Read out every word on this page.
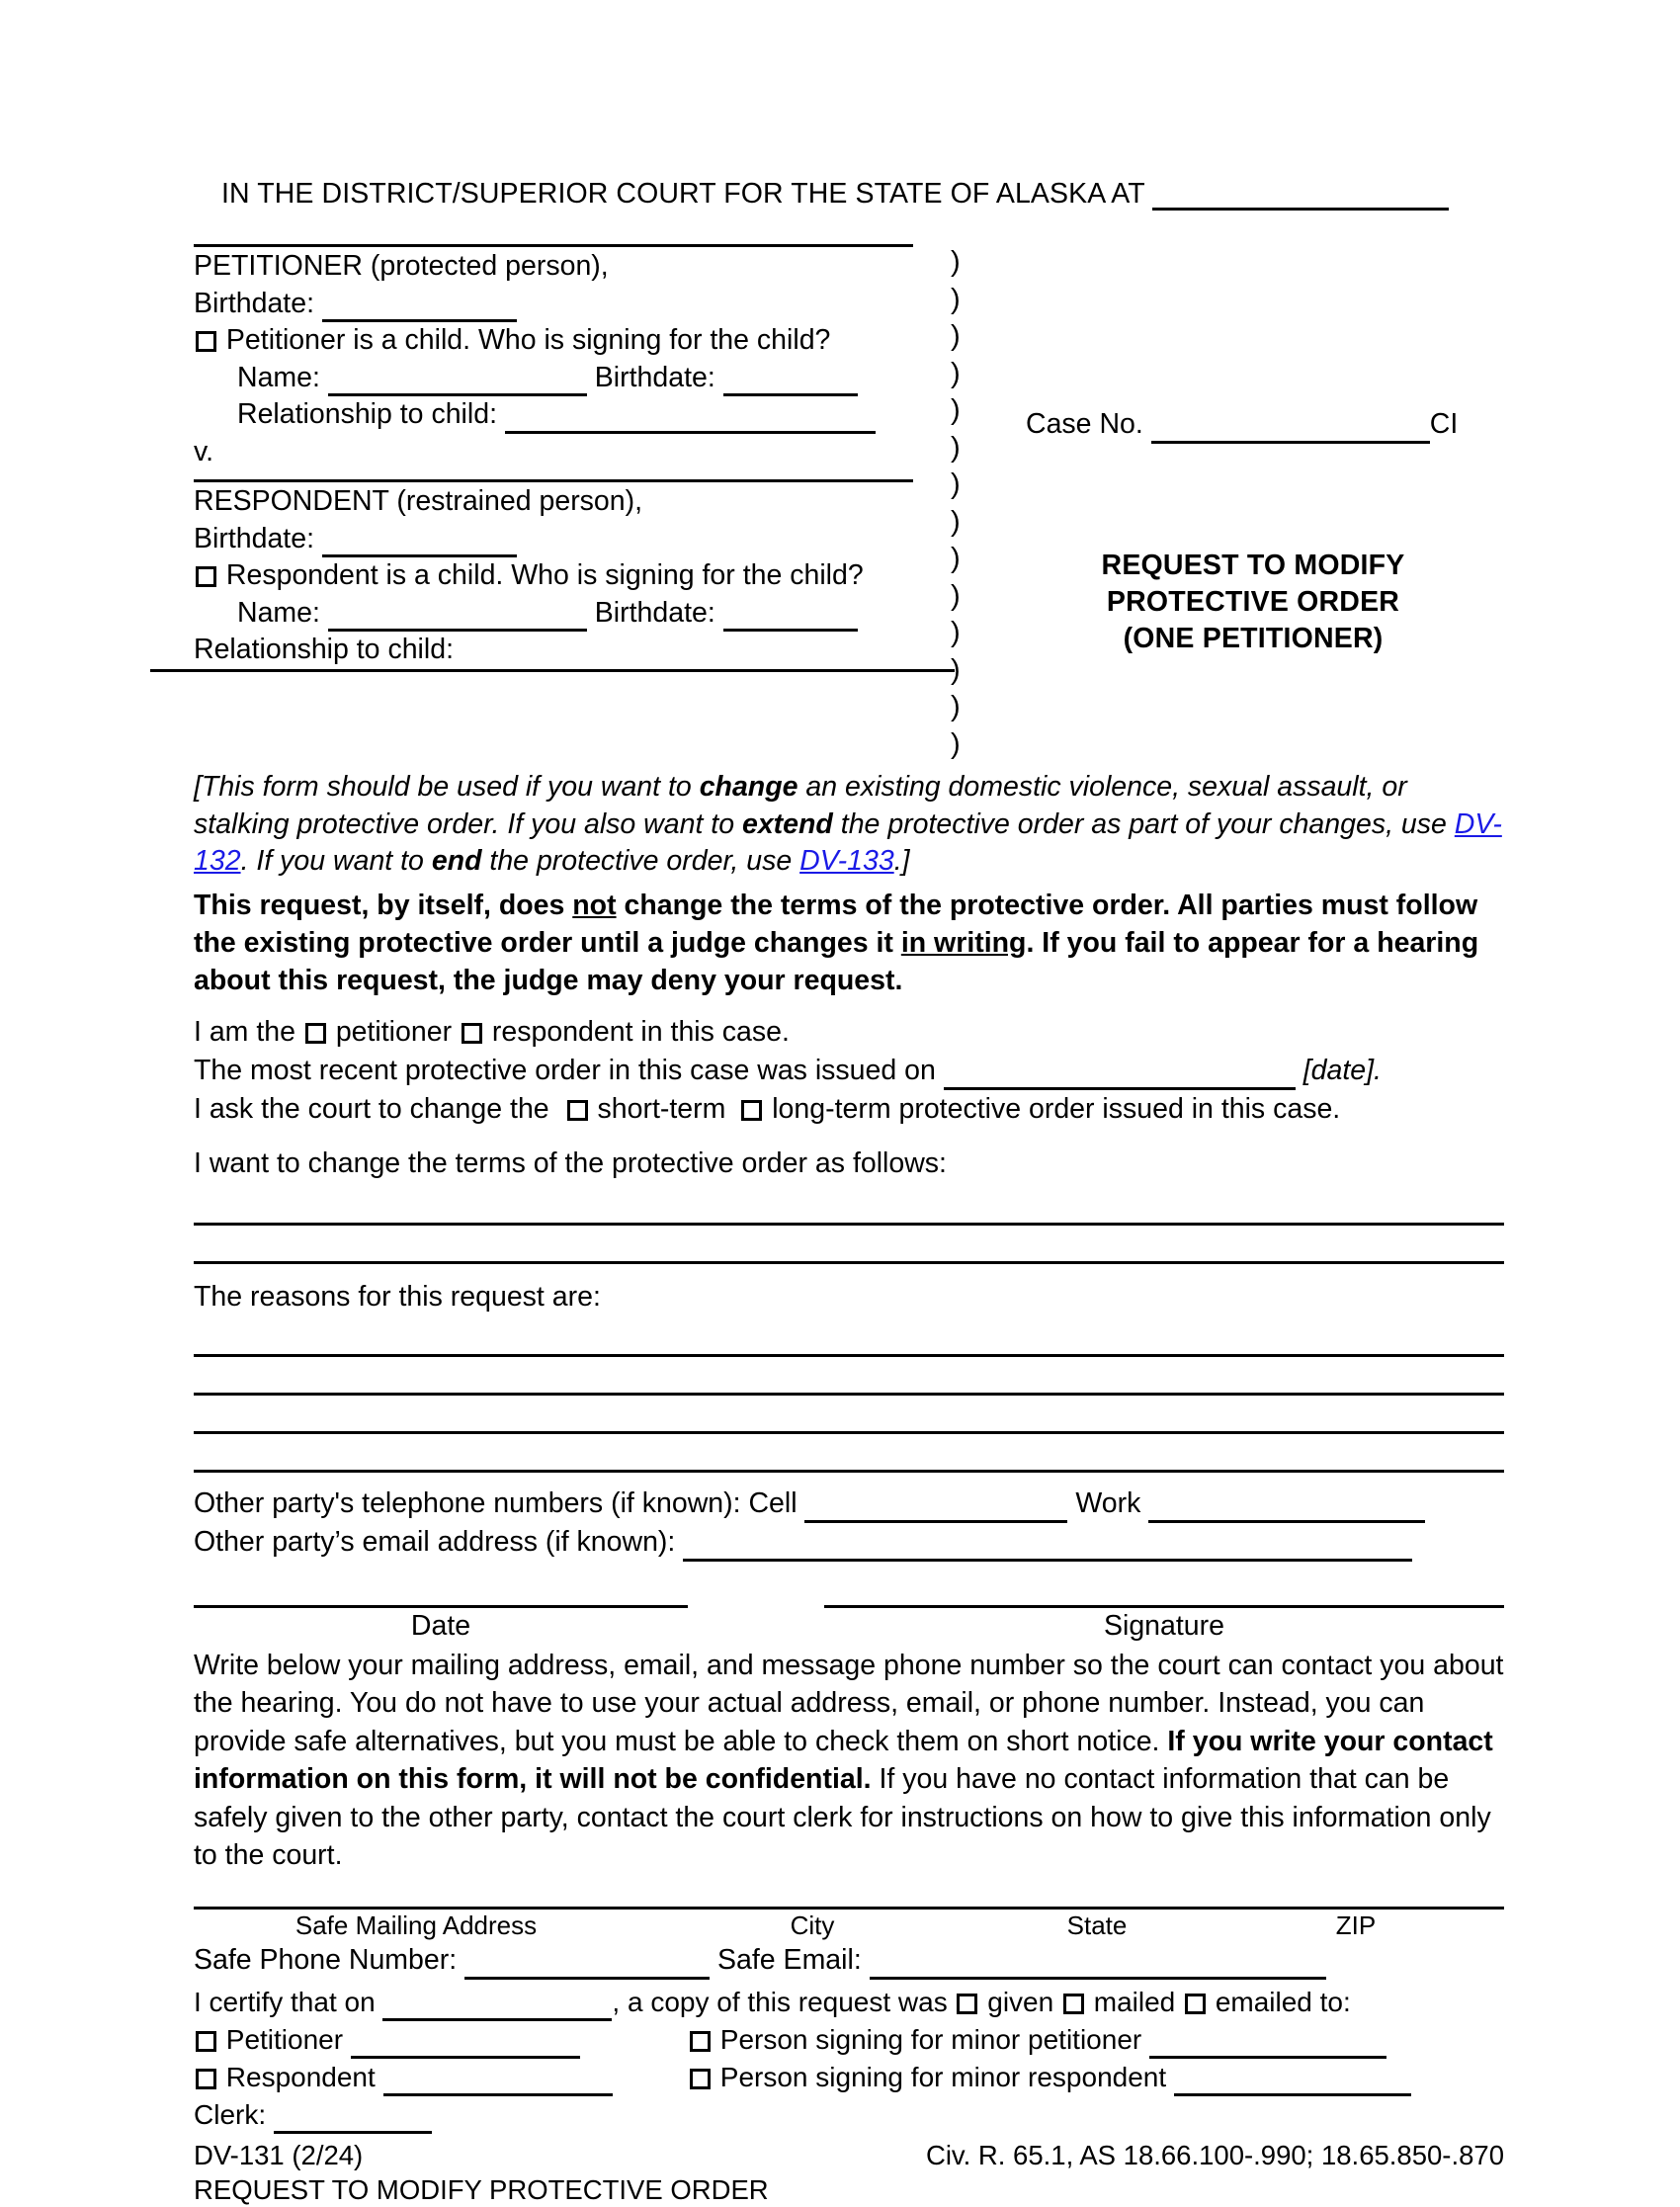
IN THE DISTRICT/SUPERIOR COURT FOR THE STATE OF ALASKA AT
PETITIONER (protected person),
Birthdate:
Petitioner is a child. Who is signing for the child?
Name:	Birthdate:
Relationship to child:
v.
RESPONDENT (restrained person),
Birthdate:
Respondent is a child. Who is signing for the child?
Name:	Birthdate:
Relationship to child:
)
)
)
)
)
)
)
)
)
)
)
)
)
)
Case No.	CI
REQUEST TO MODIFY
PROTECTIVE ORDER
(ONE PETITIONER)
[This form should be used if you want to change an existing domestic violence, sexual assault, or stalking protective order. If you also want to extend the protective order as part of your changes, use DV-132. If you want to end the protective order, use DV-133.]
This request, by itself, does not change the terms of the protective order. All parties must follow the existing protective order until a judge changes it in writing. If you fail to appear for a hearing about this request, the judge may deny your request.
I am the petitioner respondent in this case.
The most recent protective order in this case was issued on	[date].
I ask the court to change the short-term long-term protective order issued in this case.
I want to change the terms of the protective order as follows:
The reasons for this request are:
Other party's telephone numbers (if known): Cell	Work
Other party’s email address (if known):
Date	Signature
Write below your mailing address, email, and message phone number so the court can contact you about the hearing. You do not have to use your actual address, email, or phone number. Instead, you can provide safe alternatives, but you must be able to check them on short notice. If you write your contact information on this form, it will not be confidential. If you have no contact information that can be safely given to the other party, contact the court clerk for instructions on how to give this information only to the court.
Safe Mailing Address	City	State	ZIP
Safe Phone Number:	Safe Email:
I certify that on	, a copy of this request was given mailed emailed to:
Petitioner	Person signing for minor petitioner
Respondent	Person signing for minor respondent
Clerk:
DV-131 (2/24)	Civ. R. 65.1, AS 18.66.100-.990; 18.65.850-.870
REQUEST TO MODIFY PROTECTIVE ORDER
